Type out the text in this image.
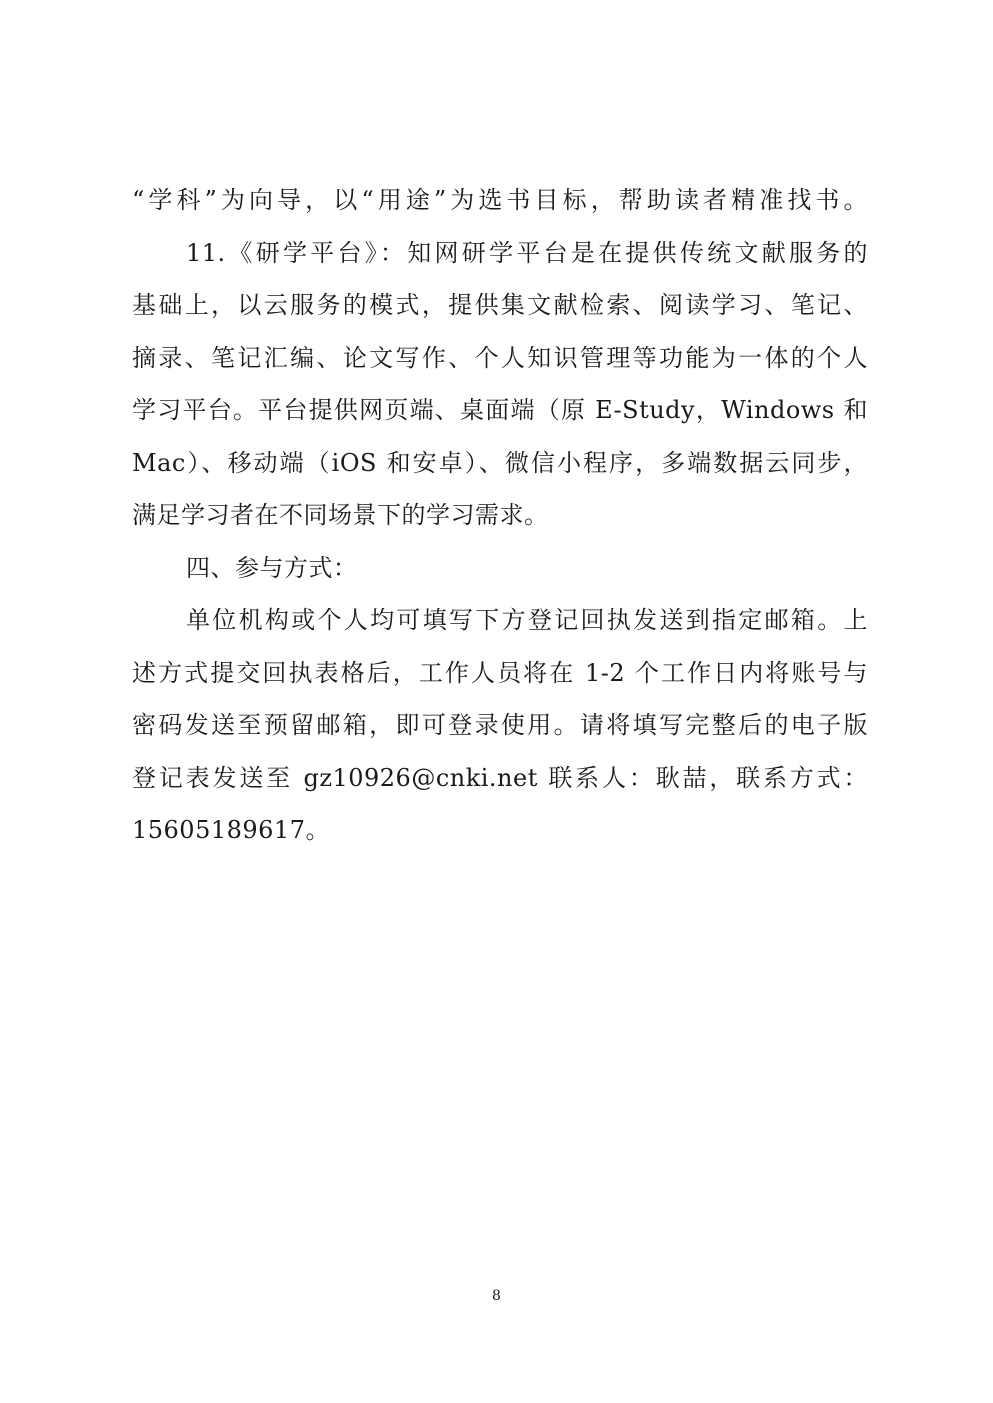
“学科”为向导，以“用途”为选书目标，帮助读者精准找书。
11.《研学平台》：知网研学平台是在提供传统文献服务的
基础上，以云服务的模式，提供集文献检索、阅读学习、笔记、
摘录、笔记汇编、论文写作、个人知识管理等功能为一体的个人
学习平台。平台提供网页端、桌面端（原 E-Study，Windows 和
Mac）、移动端（iOS 和安卓）、微信小程序，多端数据云同步，
满足学习者在不同场景下的学习需求。
四、参与方式：
单位机构或个人均可填写下方登记回执发送到指定邮箱。上
述方式提交回执表格后，工作人员将在 1-2 个工作日内将账号与
密码发送至预留邮箱，即可登录使用。请将填写完整后的电子版
登记表发送至 gz10926@cnki.net 联系人：耿喆，联系方式：
15605189617。
8
